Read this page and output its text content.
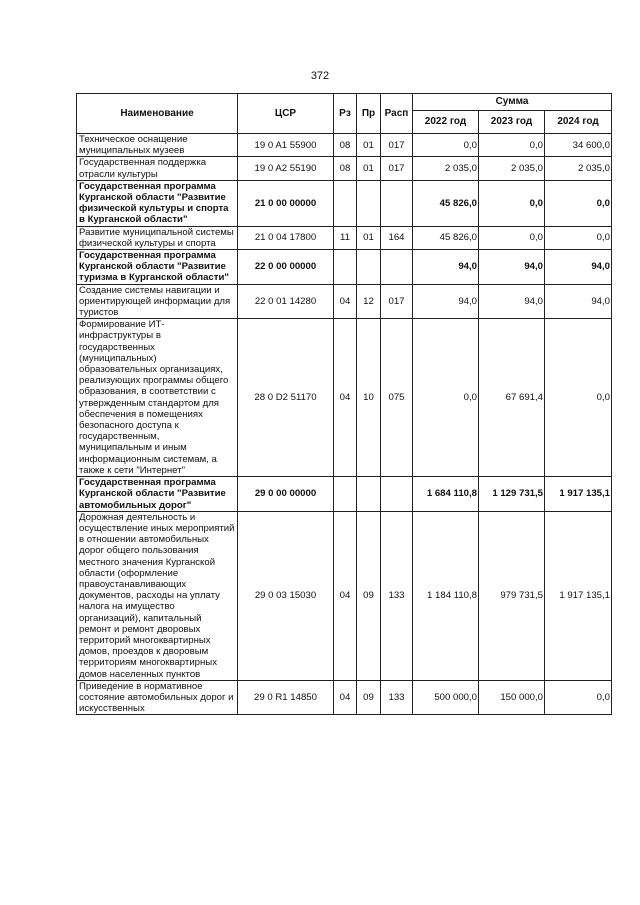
372
Наименование	ЦСР	Рз	Пр	Расп	Сумма		
					2022 год	2023 год	2024 год
Техническое оснащение муниципальных музеев	19 0 A1 55900	08	01	017	0,0	0,0	34 600,0
Государственная поддержка отрасли культуры	19 0 A2 55190	08	01	017	2 035,0	2 035,0	2 035,0
Государственная программа Курганской области "Развитие физической культуры и спорта в Курганской области"	21 0 00 00000				45 826,0	0,0	0,0
Развитие муниципальной системы физической культуры и спорта	21 0 04 17800	11	01	164	45 826,0	0,0	0,0
Государственная программа Курганской области "Развитие туризма в Курганской области"	22 0 00 00000				94,0	94,0	94,0
Создание системы навигации и ориентирующей информации для туристов	22 0 01 14280	04	12	017	94,0	94,0	94,0
Формирование ИТ-инфраструктуры в государственных (муниципальных) образовательных организациях, реализующих программы общего образования, в соответствии с утвержденным стандартом для обеспечения в помещениях безопасного доступа к государственным, муниципальным и иным информационным системам, а также к сети "Интернет"	28 0 D2 51170	04	10	075	0,0	67 691,4	0,0
Государственная программа Курганской области "Развитие автомобильных дорог"	29 0 00 00000				1 684 110,8	1 129 731,5	1 917 135,1
Дорожная деятельность и осуществление иных мероприятий в отношении автомобильных дорог общего пользования местного значения Курганской области (оформление правоустанавливающих документов, расходы на уплату налога на имущество организаций), капитальный ремонт и ремонт дворовых территорий многоквартирных домов, проездов к дворовым территориям многоквартирных домов населенных пунктов	29 0 03 15030	04	09	133	1 184 110,8	979 731,5	1 917 135,1
Приведение в нормативное состояние автомобильных дорог и искусственных	29 0 R1 14850	04	09	133	500 000,0	150 000,0	0,0
